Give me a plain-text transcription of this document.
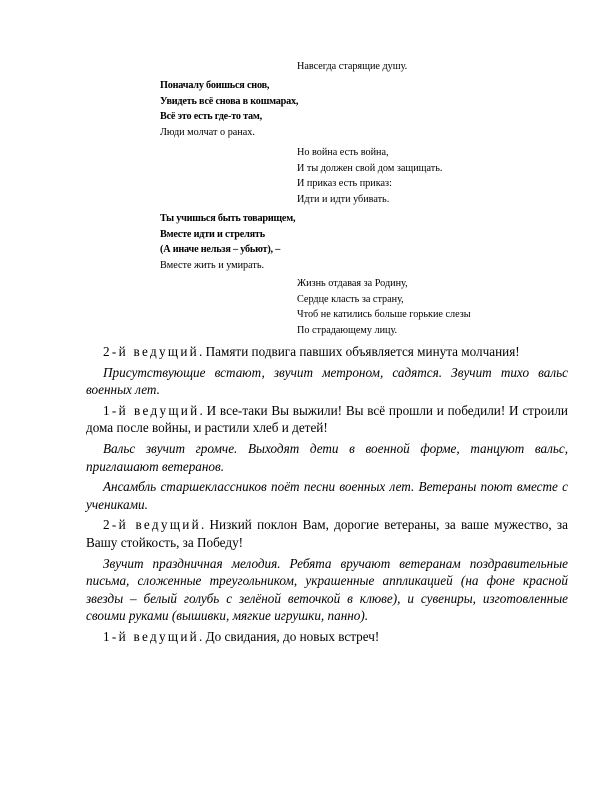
Навсегда старящие душу.
Поначалу боишься снов,
Увидеть всё снова в кошмарах,
Всё это есть где-то там,
Люди молчат о ранах.
Но война есть война,
И ты должен свой дом защищать.
И приказ есть приказ:
Идти и идти убивать.
Ты учишься быть товарищем,
Вместе идти и стрелять
(А иначе нельзя – убьют), –
Вместе жить и умирать.
Жизнь отдавая за Родину,
Сердце класть за страну,
Чтоб не катились больше горькие слезы
По страдающему лицу.

2-й ведущий. Памяти подвига павших объявляется минута молчания!

Присутствующие встают, звучит метроном, садятся. Звучит тихо вальс военных лет.

1-й ведущий. И все-таки Вы выжили! Вы всё прошли и победили! И строили дома после войны, и растили хлеб и детей!

Вальс звучит громче. Выходят дети в военной форме, танцуют вальс, приглашают ветеранов.

Ансамбль старшеклассников поёт песни военных лет. Ветераны поют вместе с учениками.

2-й ведущий. Низкий поклон Вам, дорогие ветераны, за ваше мужество, за Вашу стойкость, за Победу!

Звучит праздничная мелодия. Ребята вручают ветеранам поздравительные письма, сложенные треугольником, украшенные аппликацией (на фоне красной звезды – белый голубь с зелёной веточкой в клюве), и сувениры, изготовленные своими руками (вышивки, мягкие игрушки, панно).

1-й ведущий. До свидания, до новых встреч!
